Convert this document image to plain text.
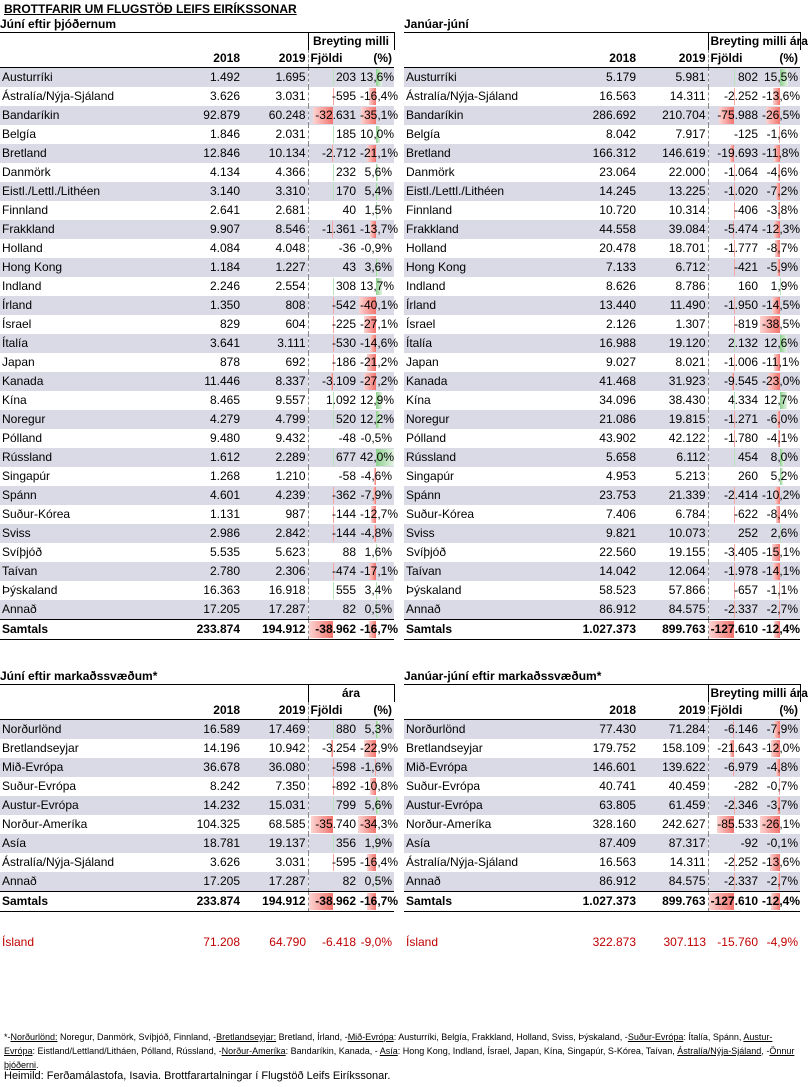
BROTTFARIR UM FLUGSTÖÐ LEIFS EIRÍKSSONAR
Júní eftir þjóðernum
			Breyting milli	
	2018	2019	Fjöldi	(%)
Austurríki	1.492	1.695	203	13,6%
Ástralía/Nýja-Sjáland	3.626	3.031	-595	-16,4%
Bandaríkin	92.879	60.248	-32.631	-35,1%
Belgía	1.846	2.031	185	10,0%
Bretland	12.846	10.134	-2.712	-21,1%
Danmörk	4.134	4.366	232	5,6%
Eistl./Lettl./Lithéen	3.140	3.310	170	5,4%
Finnland	2.641	2.681	40	1,5%
Frakkland	9.907	8.546	-1.361	-13,7%
Holland	4.084	4.048	-36	-0,9%
Hong Kong	1.184	1.227	43	3,6%
Indland	2.246	2.554	308	13,7%
Írland	1.350	808	-542	-40,1%
Ísrael	829	604	-225	-27,1%
Ítalía	3.641	3.111	-530	-14,6%
Japan	878	692	-186	-21,2%
Kanada	11.446	8.337	-3.109	-27,2%
Kína	8.465	9.557	1.092	12,9%
Noregur	4.279	4.799	520	12,2%
Pólland	9.480	9.432	-48	-0,5%
Rússland	1.612	2.289	677	42,0%
Singapúr	1.268	1.210	-58	-4,6%
Spánn	4.601	4.239	-362	-7,9%
Suður-Kórea	1.131	987	-144	-12,7%
Sviss	2.986	2.842	-144	-4,8%
Svíþjóð	5.535	5.623	88	1,6%
Taívan	2.780	2.306	-474	-17,1%
Þýskaland	16.363	16.918	555	3,4%
Annað	17.205	17.287	82	0,5%
Samtals	233.874	194.912	-38.962	-16,7%
Janúar-júní
			Breyting milli ára	
	2018	2019	Fjöldi	(%)
Austurríki	5.179	5.981	802	15,5%
Ástralía/Nýja-Sjáland	16.563	14.311	-2.252	-13,6%
Bandaríkin	286.692	210.704	-75.988	-26,5%
Belgía	8.042	7.917	-125	-1,6%
Bretland	166.312	146.619	-19.693	-11,8%
Danmörk	23.064	22.000	-1.064	-4,6%
Eistl./Lettl./Lithéen	14.245	13.225	-1.020	-7,2%
Finnland	10.720	10.314	-406	-3,8%
Frakkland	44.558	39.084	-5.474	-12,3%
Holland	20.478	18.701	-1.777	-8,7%
Hong Kong	7.133	6.712	-421	-5,9%
Indland	8.626	8.786	160	1,9%
Írland	13.440	11.490	-1.950	-14,5%
Ísrael	2.126	1.307	-819	-38,5%
Ítalía	16.988	19.120	2.132	12,6%
Japan	9.027	8.021	-1.006	-11,1%
Kanada	41.468	31.923	-9.545	-23,0%
Kína	34.096	38.430	4.334	12,7%
Noregur	21.086	19.815	-1.271	-6,0%
Pólland	43.902	42.122	-1.780	-4,1%
Rússland	5.658	6.112	454	8,0%
Singapúr	4.953	5.213	260	5,2%
Spánn	23.753	21.339	-2.414	-10,2%
Suður-Kórea	7.406	6.784	-622	-8,4%
Sviss	9.821	10.073	252	2,6%
Svíþjóð	22.560	19.155	-3.405	-15,1%
Taívan	14.042	12.064	-1.978	-14,1%
Þýskaland	58.523	57.866	-657	-1,1%
Annað	86.912	84.575	-2.337	-2,7%
Samtals	1.027.373	899.763	-127.610	-12,4%
Júní eftir markaðssvæðum*
			ára	
	2018	2019	Fjöldi	(%)
Norðurlönd	16.589	17.469	880	5,3%
Bretlandseyjar	14.196	10.942	-3.254	-22,9%
Mið-Evrópa	36.678	36.080	-598	-1,6%
Suður-Evrópa	8.242	7.350	-892	-10,8%
Austur-Evrópa	14.232	15.031	799	5,6%
Norður-Ameríka	104.325	68.585	-35.740	-34,3%
Asía	18.781	19.137	356	1,9%
Ástralía/Nýja-Sjáland	3.626	3.031	-595	-16,4%
Annað	17.205	17.287	82	0,5%
Samtals	233.874	194.912	-38.962	-16,7%
Ísland	71.208	64.790	-6.418	-9,0%
Janúar-júní eftir markaðssvæðum*
			Breyting milli ára	
	2018	2019	Fjöldi	(%)
Norðurlönd	77.430	71.284	-6.146	-7,9%
Bretlandseyjar	179.752	158.109	-21.643	-12,0%
Mið-Evrópa	146.601	139.622	-6.979	-4,8%
Suður-Evrópa	40.741	40.459	-282	-0,7%
Austur-Evrópa	63.805	61.459	-2.346	-3,7%
Norður-Ameríka	328.160	242.627	-85.533	-26,1%
Asía	87.409	87.317	-92	-0,1%
Ástralía/Nýja-Sjáland	16.563	14.311	-2.252	-13,6%
Annað	86.912	84.575	-2.337	-2,7%
Samtals	1.027.373	899.763	-127.610	-12,4%
Ísland	322.873	307.113	-15.760	-4,9%
*-Norðurlönd: Noregur, Danmörk, Svíþjóð, Finnland, -Bretlandseyjar: Bretland, Írland, -Mið-Evrópa: Austurríki, Belgía, Frakkland, Holland, Sviss, Þýskaland, -Suður-Evrópa: Ítalía, Spánn, Austur-Evrópa: Eistland/Lettland/Litháen, Pólland, Rússland, -Norður-Ameríka: Bandaríkin, Kanada, - Asía: Hong Kong, Indland, Ísrael, Japan, Kína, Singapúr, S-Kórea, Taívan, Ástralía/Nýja-Sjáland, -Önnur þjóðerni.
Heimild: Ferðamálastofa, Isavia. Brottfarartalningar í Flugstöð Leifs Eiríkssonar.
